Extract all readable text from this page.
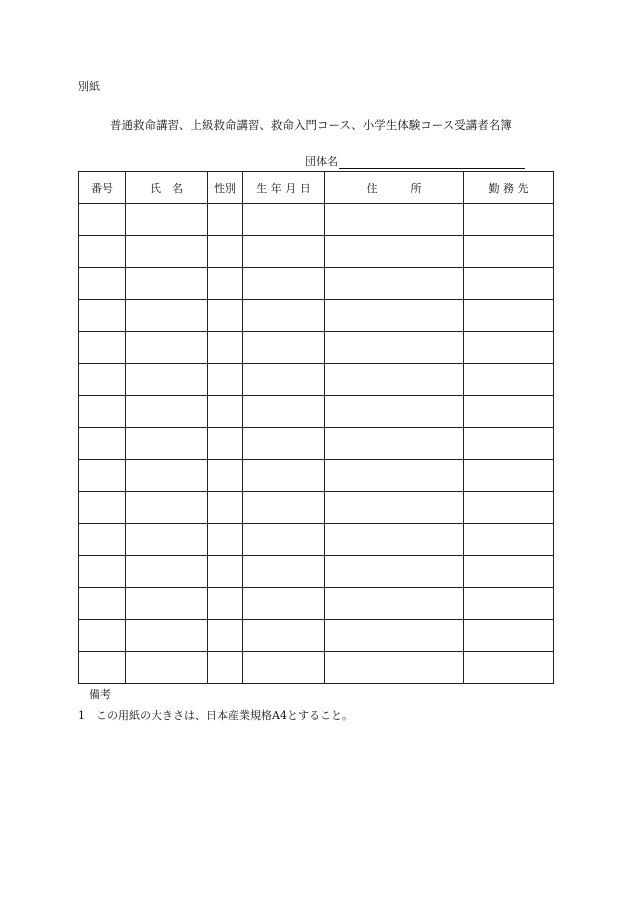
別紙
普通救命講習、上級救命講習、救命入門コース、小学生体験コース受講者名簿
団体名
番号	氏　名	性別	生 年 月 日	住　　　所	勤 務 先

備考
1 この用紙の大きさは、日本産業規格A4とすること。
